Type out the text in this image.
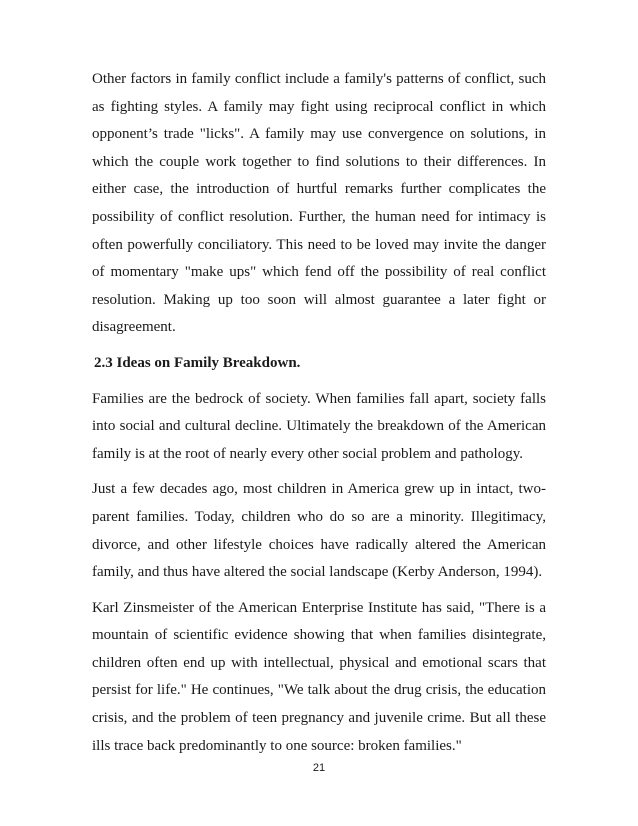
Other factors in family conflict include a family's patterns of conflict, such as fighting styles. A family may fight using reciprocal conflict in which opponent’s trade "licks". A family may use convergence on solutions, in which the couple work together to find solutions to their differences. In either case, the introduction of hurtful remarks further complicates the possibility of conflict resolution. Further, the human need for intimacy is often powerfully conciliatory. This need to be loved may invite the danger of momentary "make ups" which fend off the possibility of real conflict resolution. Making up too soon will almost guarantee a later fight or disagreement.

2.3 Ideas on Family Breakdown.

Families are the bedrock of society. When families fall apart, society falls into social and cultural decline. Ultimately the breakdown of the American family is at the root of nearly every other social problem and pathology.

Just a few decades ago, most children in America grew up in intact, two-parent families. Today, children who do so are a minority. Illegitimacy, divorce, and other lifestyle choices have radically altered the American family, and thus have altered the social landscape (Kerby Anderson, 1994).

Karl Zinsmeister of the American Enterprise Institute has said, "There is a mountain of scientific evidence showing that when families disintegrate, children often end up with intellectual, physical and emotional scars that persist for life." He continues, "We talk about the drug crisis, the education crisis, and the problem of teen pregnancy and juvenile crime. But all these ills trace back predominantly to one source: broken families."

21
